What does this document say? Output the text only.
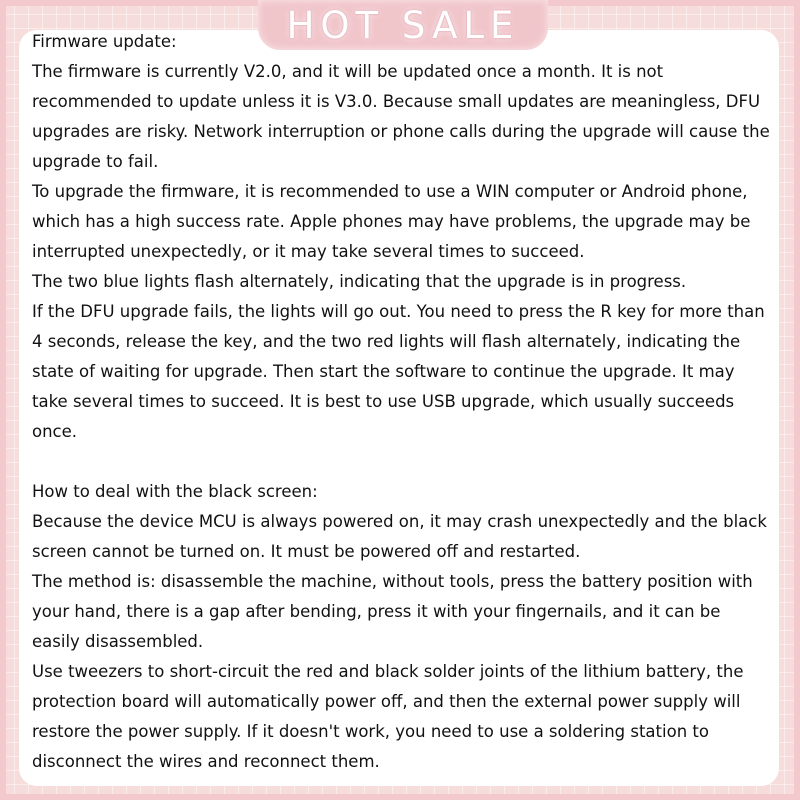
HOT SALE

Firmware update:

The firmware is currently V2.0, and it will be updated once a month. It is not recommended to update unless it is V3.0. Because small updates are meaningless, DFU upgrades are risky. Network interruption or phone calls during the upgrade will cause the upgrade to fail.

To upgrade the firmware, it is recommended to use a WIN computer or Android phone, which has a high success rate. Apple phones may have problems, the upgrade may be interrupted unexpectedly, or it may take several times to succeed.

The two blue lights flash alternately, indicating that the upgrade is in progress.

If the DFU upgrade fails, the lights will go out. You need to press the R key for more than 4 seconds, release the key, and the two red lights will flash alternately, indicating the state of waiting for upgrade. Then start the software to continue the upgrade. It may take several times to succeed. It is best to use USB upgrade, which usually succeeds once.

How to deal with the black screen:

Because the device MCU is always powered on, it may crash unexpectedly and the black screen cannot be turned on. It must be powered off and restarted.

The method is: disassemble the machine, without tools, press the battery position with your hand, there is a gap after bending, press it with your fingernails, and it can be easily disassembled.

Use tweezers to short-circuit the red and black solder joints of the lithium battery, the protection board will automatically power off, and then the external power supply will restore the power supply. If it doesn't work, you need to use a soldering station to disconnect the wires and reconnect them.
